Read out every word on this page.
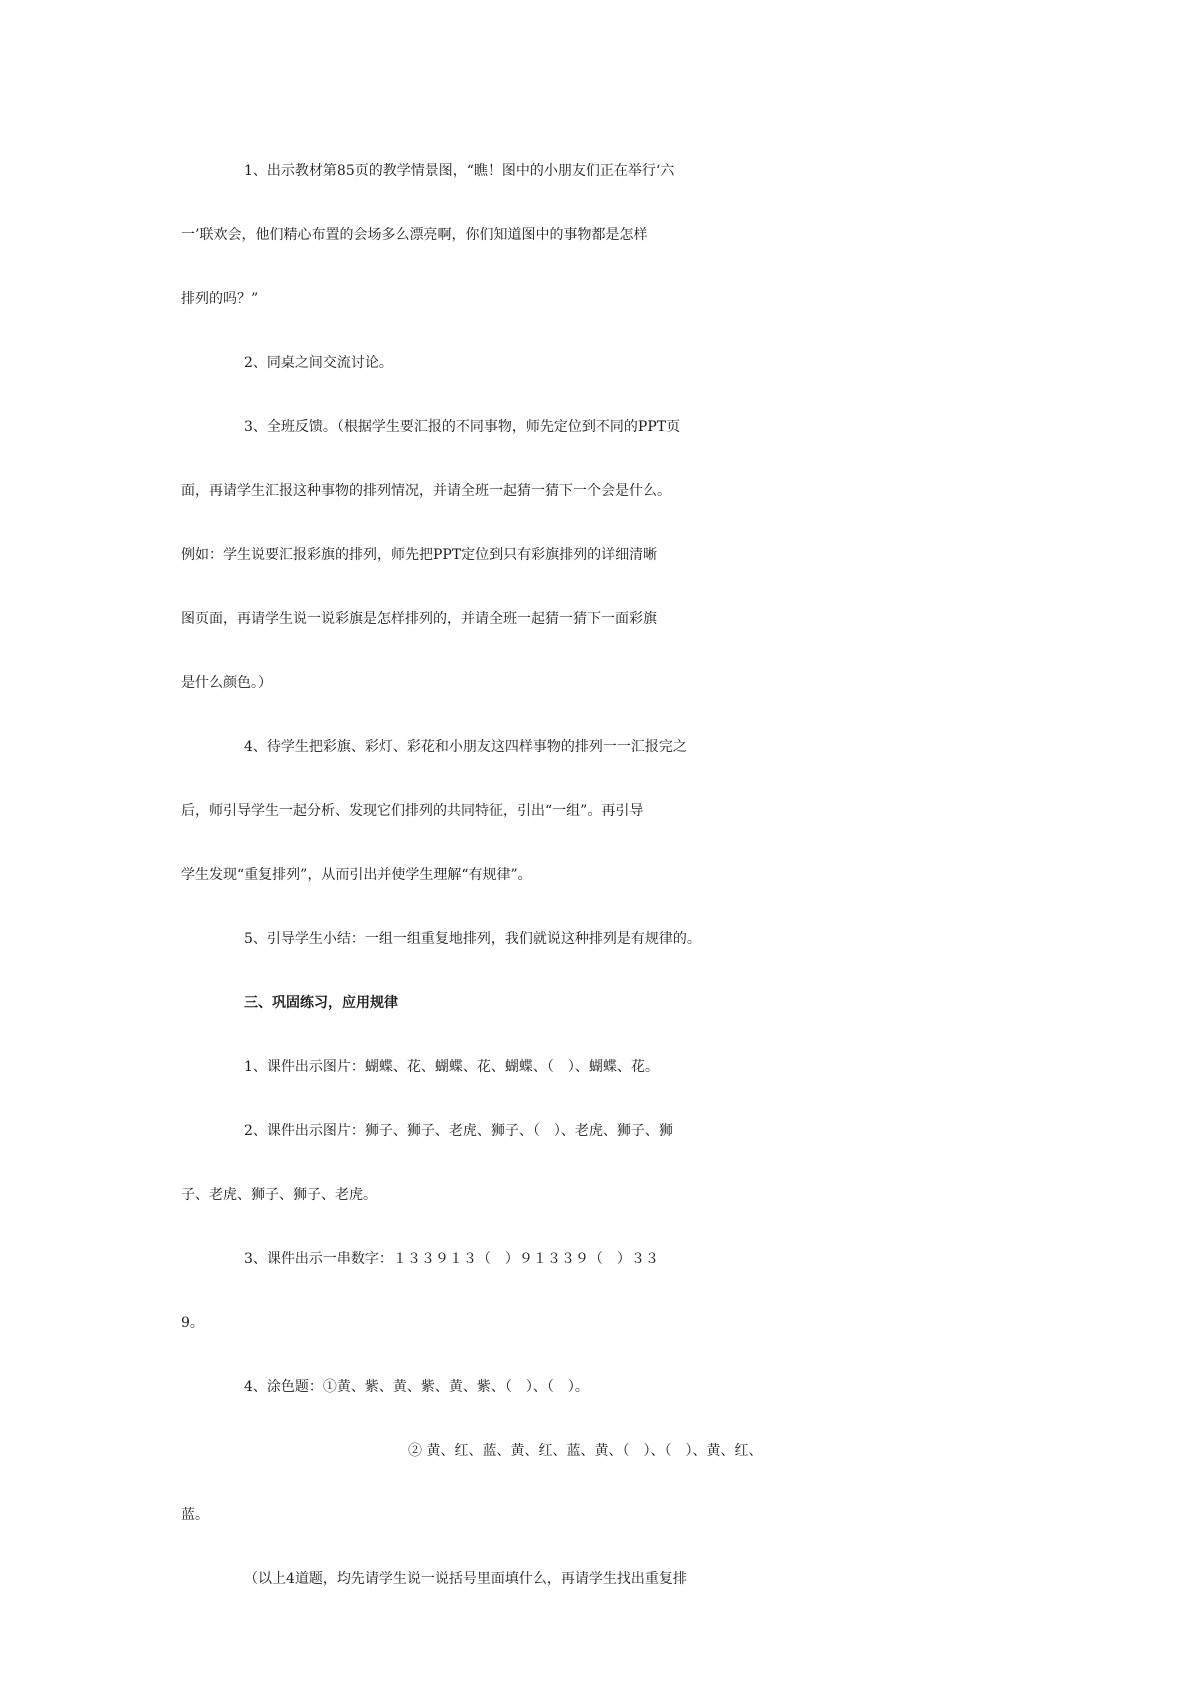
1、出示教材第85页的教学情景图，“瞧！图中的小朋友们正在举行‘六

一’联欢会，他们精心布置的会场多么漂亮啊，你们知道图中的事物都是怎样

排列的吗？”

2、同桌之间交流讨论。

3、全班反馈。（根据学生要汇报的不同事物，师先定位到不同的PPT页

面，再请学生汇报这种事物的排列情况，并请全班一起猜一猜下一个会是什么。

例如：学生说要汇报彩旗的排列，师先把PPT定位到只有彩旗排列的详细清晰

图页面，再请学生说一说彩旗是怎样排列的，并请全班一起猜一猜下一面彩旗

是什么颜色。）

4、待学生把彩旗、彩灯、彩花和小朋友这四样事物的排列一一汇报完之

后，师引导学生一起分析、发现它们排列的共同特征，引出“一组”。再引导

学生发现“重复排列”，从而引出并使学生理解“有规律”。

5、引导学生小结：一组一组重复地排列，我们就说这种排列是有规律的。

三、巩固练习，应用规律

1、课件出示图片：蝴蝶、花、蝴蝶、花、蝴蝶、（　）、蝴蝶、花。

2、课件出示图片：狮子、狮子、老虎、狮子、（　）、老虎、狮子、狮

子、老虎、狮子、狮子、老虎。

3、课件出示一串数字：１３３９１３（　）９１３３９（　）３３

9。

4、涂色题：①黄、紫、黄、紫、黄、紫、（　）、（　）。

② 黄、红、蓝、黄、红、蓝、黄、（　）、（　）、黄、红、

蓝。

（以上4道题，均先请学生说一说括号里面填什么，再请学生找出重复排
